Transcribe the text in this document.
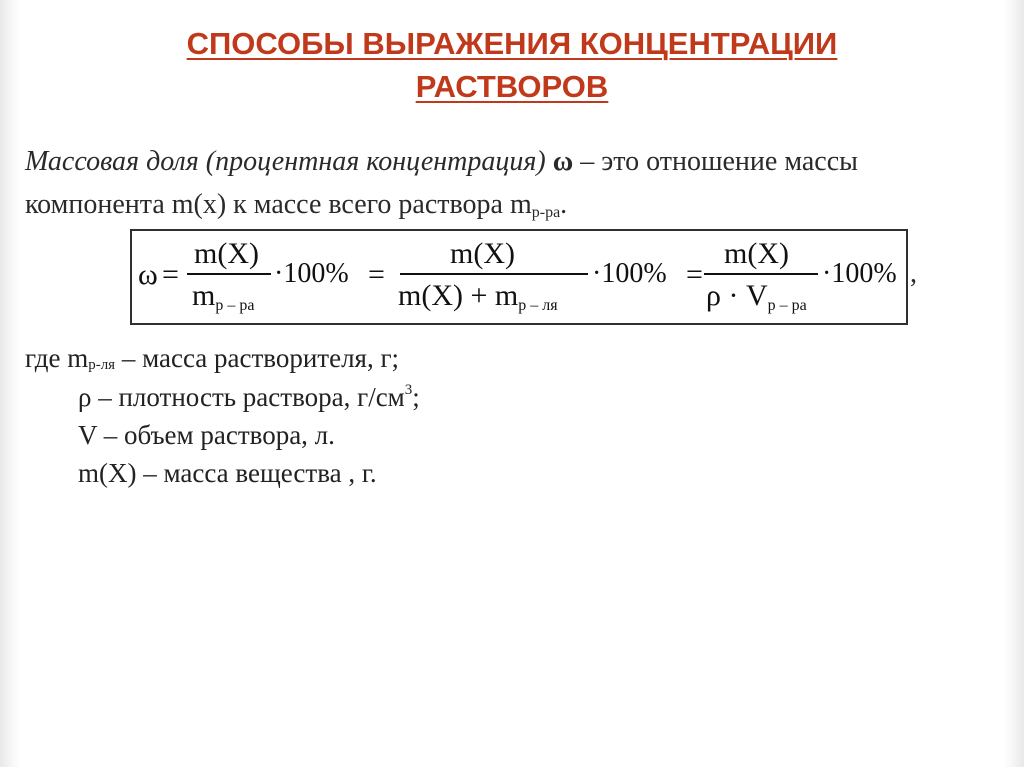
СПОСОБЫ ВЫРАЖЕНИЯ КОНЦЕНТРАЦИИ
РАСТВОРОВ
Массовая доля (процентная концентрация) ω – это отношение массы
компонента m(х) к массе всего раствора $m_{р-ра}$.
ω =
m(X)
$m_{р - ра}$
·100% =
m(X)
$m(X) + m_{р - ля}$
·100% =
m(X)
$\rho \cdot V_{р - ра}$
·100% ,
где $m_{р-ля}$ – масса растворителя, г;
ρ – плотность раствора, $г/см^3$;
V – объем раствора, л.
m(X) – масса вещества , г.
